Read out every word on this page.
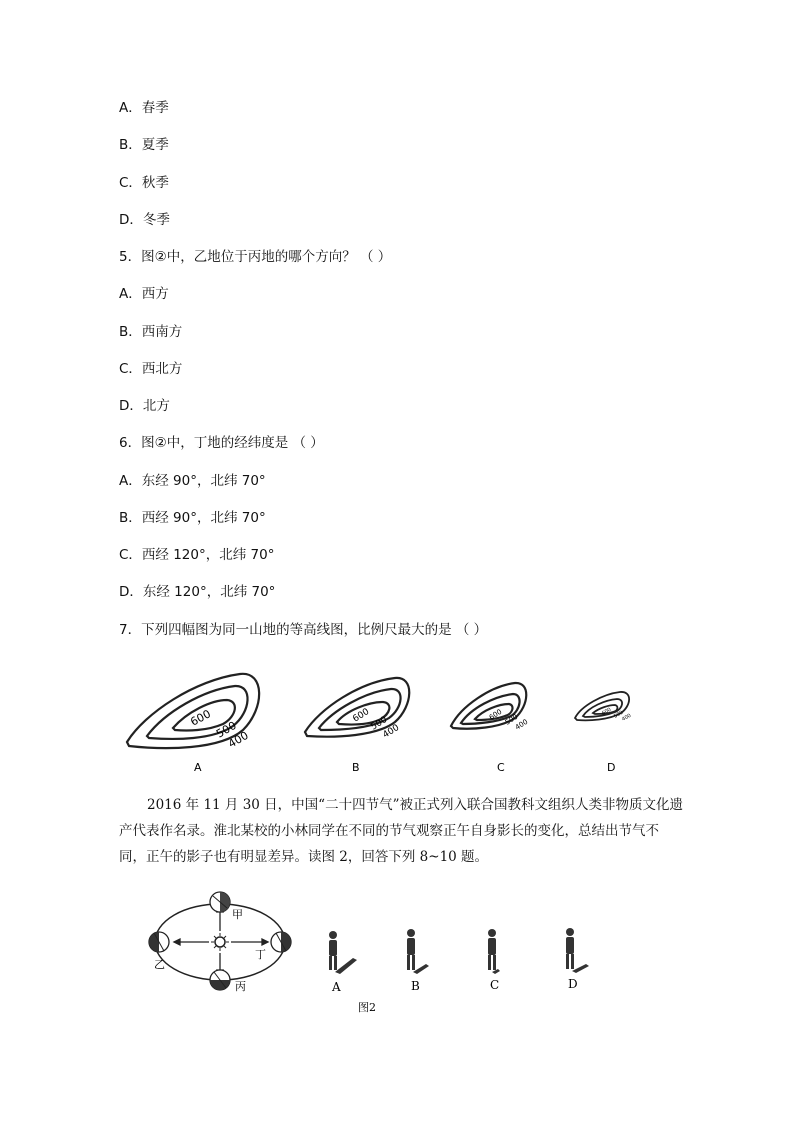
A．春季
B．夏季
C．秋季
D．冬季
5．图②中，乙地位于丙地的哪个方向？ （ ）
A．西方
B．西南方
C．西北方
D．北方
6．图②中，丁地的经纬度是 （ ）
A．东经 90°，北纬 70°
B．西经 90°，北纬 70°
C．西经 120°，北纬 70°
D．东经 120°，北纬 70°
7．下列四幅图为同一山地的等高线图，比例尺最大的是 （ ）
600
500
400
600
500
400
600 500
400
600 500
400
A	B	C	D
2016 年 11 月 30 日，中国“二十四节气”被正式列入联合国教科文组织人类非物质文化遗产代表作名录。淮北某校的小林同学在不同的节气观察正午自身影长的变化，总结出节气不同，正午的影子也有明显差异。读图 2，回答下列 8~10 题。
甲
乙
丙
丁
A	B	C	D
图2
